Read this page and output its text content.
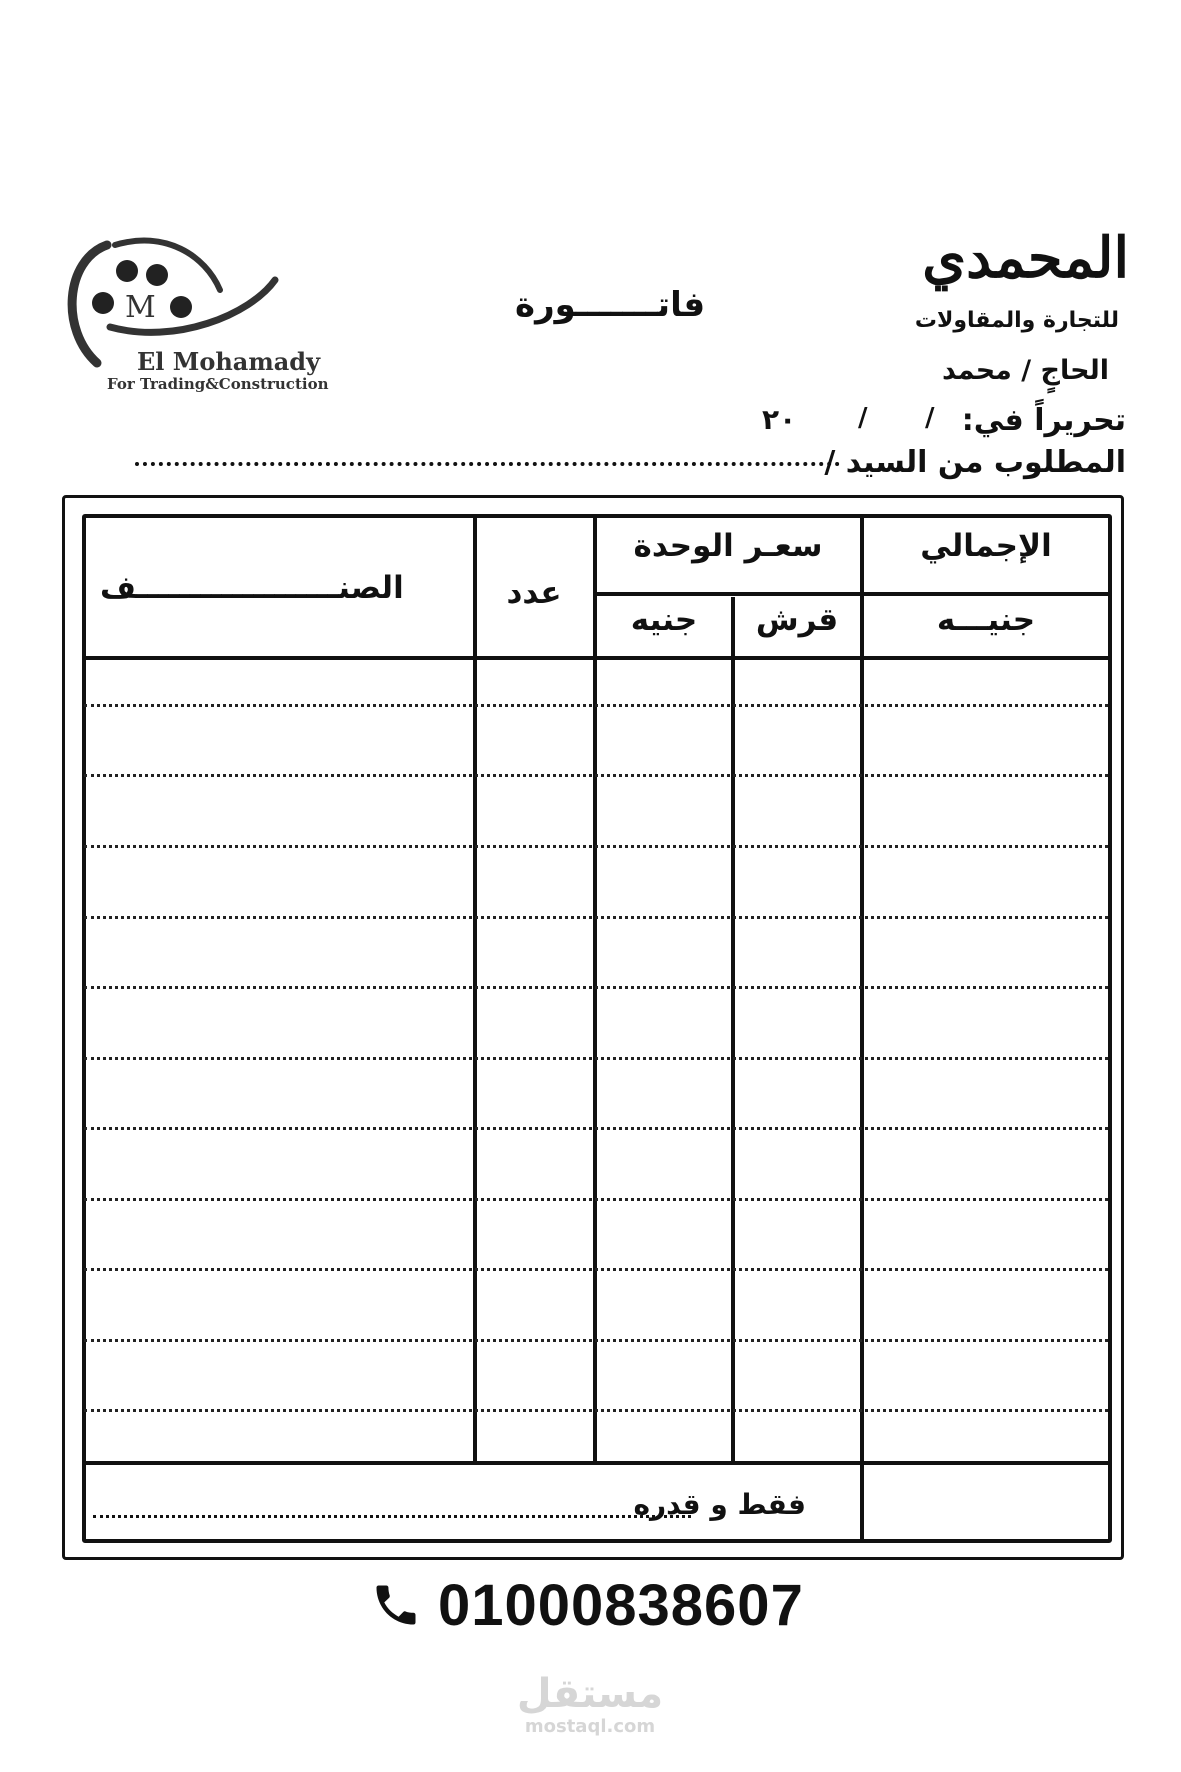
M
El Mohamady
For Trading&Construction
المحمدي
للتجارة والمقاولات
الحاجٍ / محمد
فاتـــــــورة
تحريراً في:
/
/
٢٠
المطلوب من السيد /
الصنـــــــــــــــــــف	عدد
سعـر الوحدة
جنيه	قرش
الإجمالي
جنيـــه
فقط و قدره
01000838607
مستقل
mostaql.com
